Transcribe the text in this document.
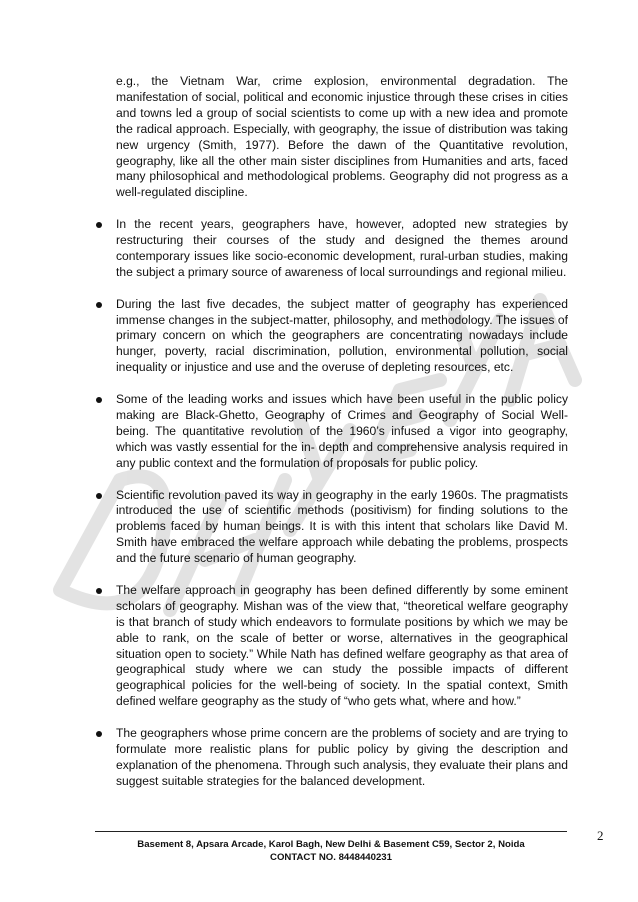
e.g., the Vietnam War, crime explosion, environmental degradation. The manifestation of social, political and economic injustice through these crises in cities and towns led a group of social scientists to come up with a new idea and promote the radical approach. Especially, with geography, the issue of distribution was taking new urgency (Smith, 1977). Before the dawn of the Quantitative revolution, geography, like all the other main sister disciplines from Humanities and arts, faced many philosophical and methodological problems. Geography did not progress as a well-regulated discipline.

In the recent years, geographers have, however, adopted new strategies by restructuring their courses of the study and designed the themes around contemporary issues like socio-economic development, rural-urban studies, making the subject a primary source of awareness of local surroundings and regional milieu.
During the last five decades, the subject matter of geography has experienced immense changes in the subject-matter, philosophy, and methodology. The issues of primary concern on which the geographers are concentrating nowadays include hunger, poverty, racial discrimination, pollution, environmental pollution, social inequality or injustice and use and the overuse of depleting resources, etc.
Some of the leading works and issues which have been useful in the public policy making are Black-Ghetto, Geography of Crimes and Geography of Social Well-being. The quantitative revolution of the 1960’s infused a vigor into geography, which was vastly essential for the in- depth and comprehensive analysis required in any public context and the formulation of proposals for public policy.
Scientific revolution paved its way in geography in the early 1960s. The pragmatists introduced the use of scientific methods (positivism) for finding solutions to the problems faced by human beings. It is with this intent that scholars like David M. Smith have embraced the welfare approach while debating the problems, prospects and the future scenario of human geography.
The welfare approach in geography has been defined differently by some eminent scholars of geography. Mishan was of the view that, “theoretical welfare geography is that branch of study which endeavors to formulate positions by which we may be able to rank, on the scale of better or worse, alternatives in the geographical situation open to society.” While Nath has defined welfare geography as that area of geographical study where we can study the possible impacts of different geographical policies for the well-being of society. In the spatial context, Smith defined welfare geography as the study of “who gets what, where and how.”
The geographers whose prime concern are the problems of society and are trying to formulate more realistic plans for public policy by giving the description and explanation of the phenomena. Through such analysis, they evaluate their plans and suggest suitable strategies for the balanced development.
Basement 8, Apsara Arcade, Karol Bagh, New Delhi & Basement C59, Sector 2, Noida
CONTACT NO. 8448440231
2
